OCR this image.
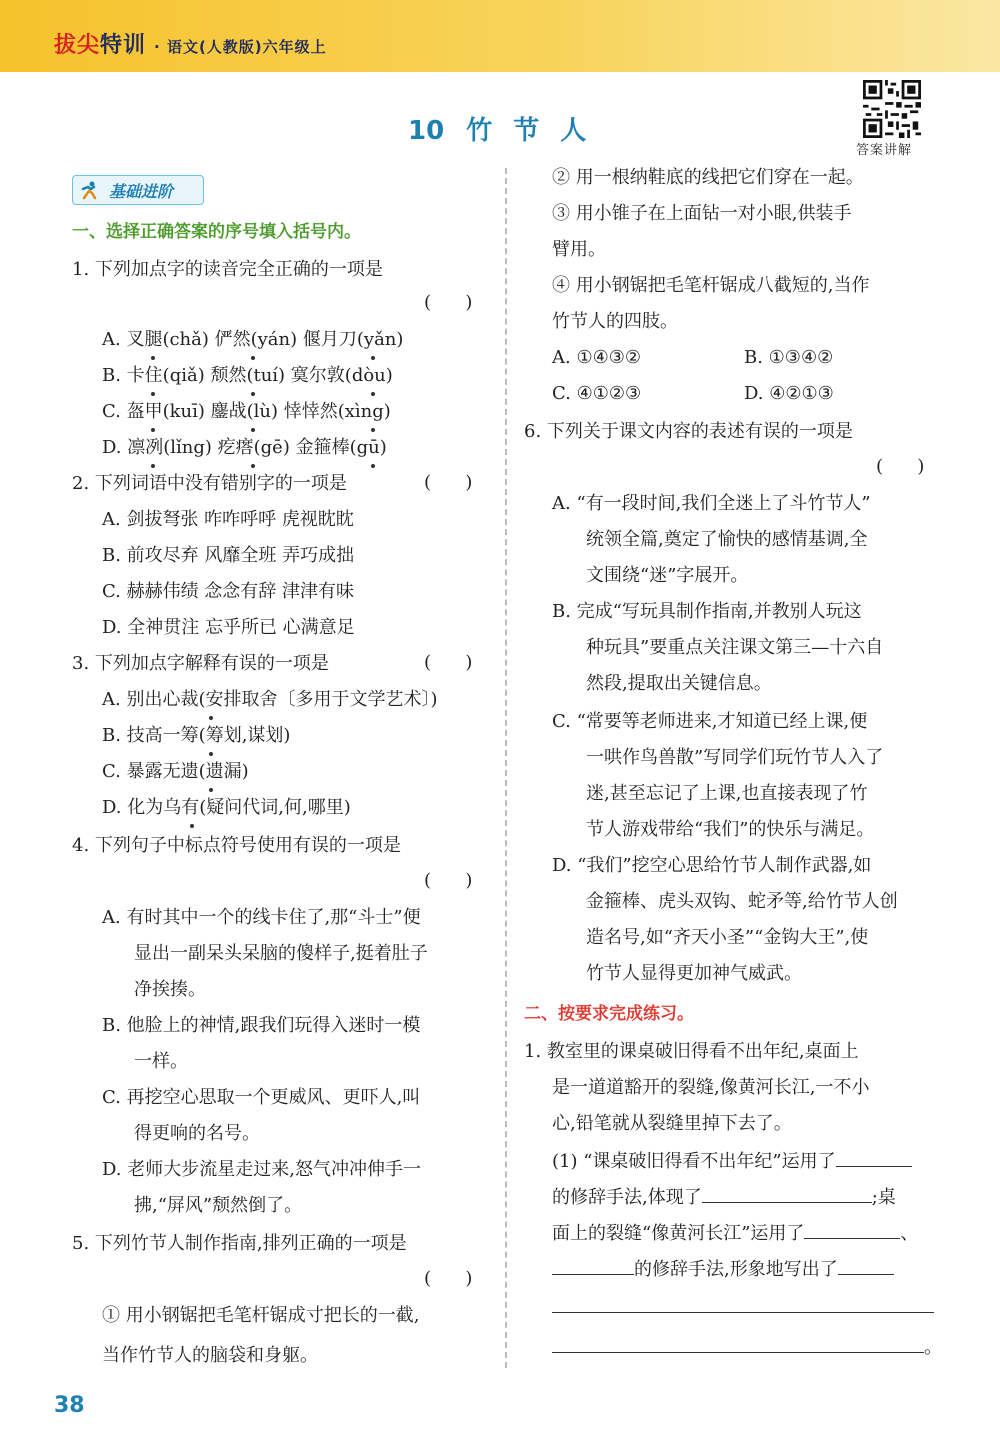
拔尖特训 · 语文(人教版)六年级上
答案讲解
10 竹 节 人
基础进阶
一、选择正确答案的序号填入括号内。
1. 下列加点字的读音完全正确的一项是
(      )
A. 叉腿(chǎ) 俨然(yán) 偃月刀(yǎn)
B. 卡住(qiǎ) 颓然(tuí) 寞尔敦(dòu)
C. 盔甲(kuī) 鏖战(lù) 悻悻然(xìng)
D. 凛冽(lǐng) 疙瘩(gē) 金箍棒(gū)
2. 下列词语中没有错别字的一项是	(      )
A. 剑拔弩张 咋咋呼呼 虎视眈眈
B. 前攻尽弃 风靡全班 弄巧成拙
C. 赫赫伟绩 念念有辞 津津有味
D. 全神贯注 忘乎所已 心满意足
3. 下列加点字解释有误的一项是	(      )
A. 别出心裁(安排取舍〔多用于文学艺术〕)
B. 技高一筹(筹划,谋划)
C. 暴露无遗(遗漏)
D. 化为乌有(疑问代词,何,哪里)
4. 下列句子中标点符号使用有误的一项是
(      )
A. 有时其中一个的线卡住了,那“斗士”便
显出一副呆头呆脑的傻样子,挺着肚子
净挨揍。
B. 他脸上的神情,跟我们玩得入迷时一模
一样。
C. 再挖空心思取一个更威风、更吓人,叫
得更响的名号。
D. 老师大步流星走过来,怒气冲冲伸手一
拂,“屏风”颓然倒了。
5. 下列竹节人制作指南,排列正确的一项是
(      )
① 用小钢锯把毛笔杆锯成寸把长的一截,
当作竹节人的脑袋和身躯。
② 用一根纳鞋底的线把它们穿在一起。
③ 用小锥子在上面钻一对小眼,供装手
臂用。
④ 用小钢锯把毛笔杆锯成八截短的,当作
竹节人的四肢。
A. ①④③②	B. ①③④②
C. ④①②③	D. ④②①③
6. 下列关于课文内容的表述有误的一项是
(      )
A. “有一段时间,我们全迷上了斗竹节人”
统领全篇,奠定了愉快的感情基调,全
文围绕“迷”字展开。
B. 完成“写玩具制作指南,并教别人玩这
种玩具”要重点关注课文第三—十六自
然段,提取出关键信息。
C. “常要等老师进来,才知道已经上课,便
一哄作鸟兽散”写同学们玩竹节人入了
迷,甚至忘记了上课,也直接表现了竹
节人游戏带给“我们”的快乐与满足。
D. “我们”挖空心思给竹节人制作武器,如
金箍棒、虎头双钩、蛇矛等,给竹节人创
造名号,如“齐天小圣”“金钩大王”,使
竹节人显得更加神气威武。
二、按要求完成练习。
1. 教室里的课桌破旧得看不出年纪,桌面上
是一道道豁开的裂缝,像黄河长江,一不小
心,铅笔就从裂缝里掉下去了。
(1) “课桌破旧得看不出年纪”运用了
的修辞手法,体现了	;桌
面上的裂缝“像黄河长江”运用了	、
的修辞手法,形象地写出了
。
38
